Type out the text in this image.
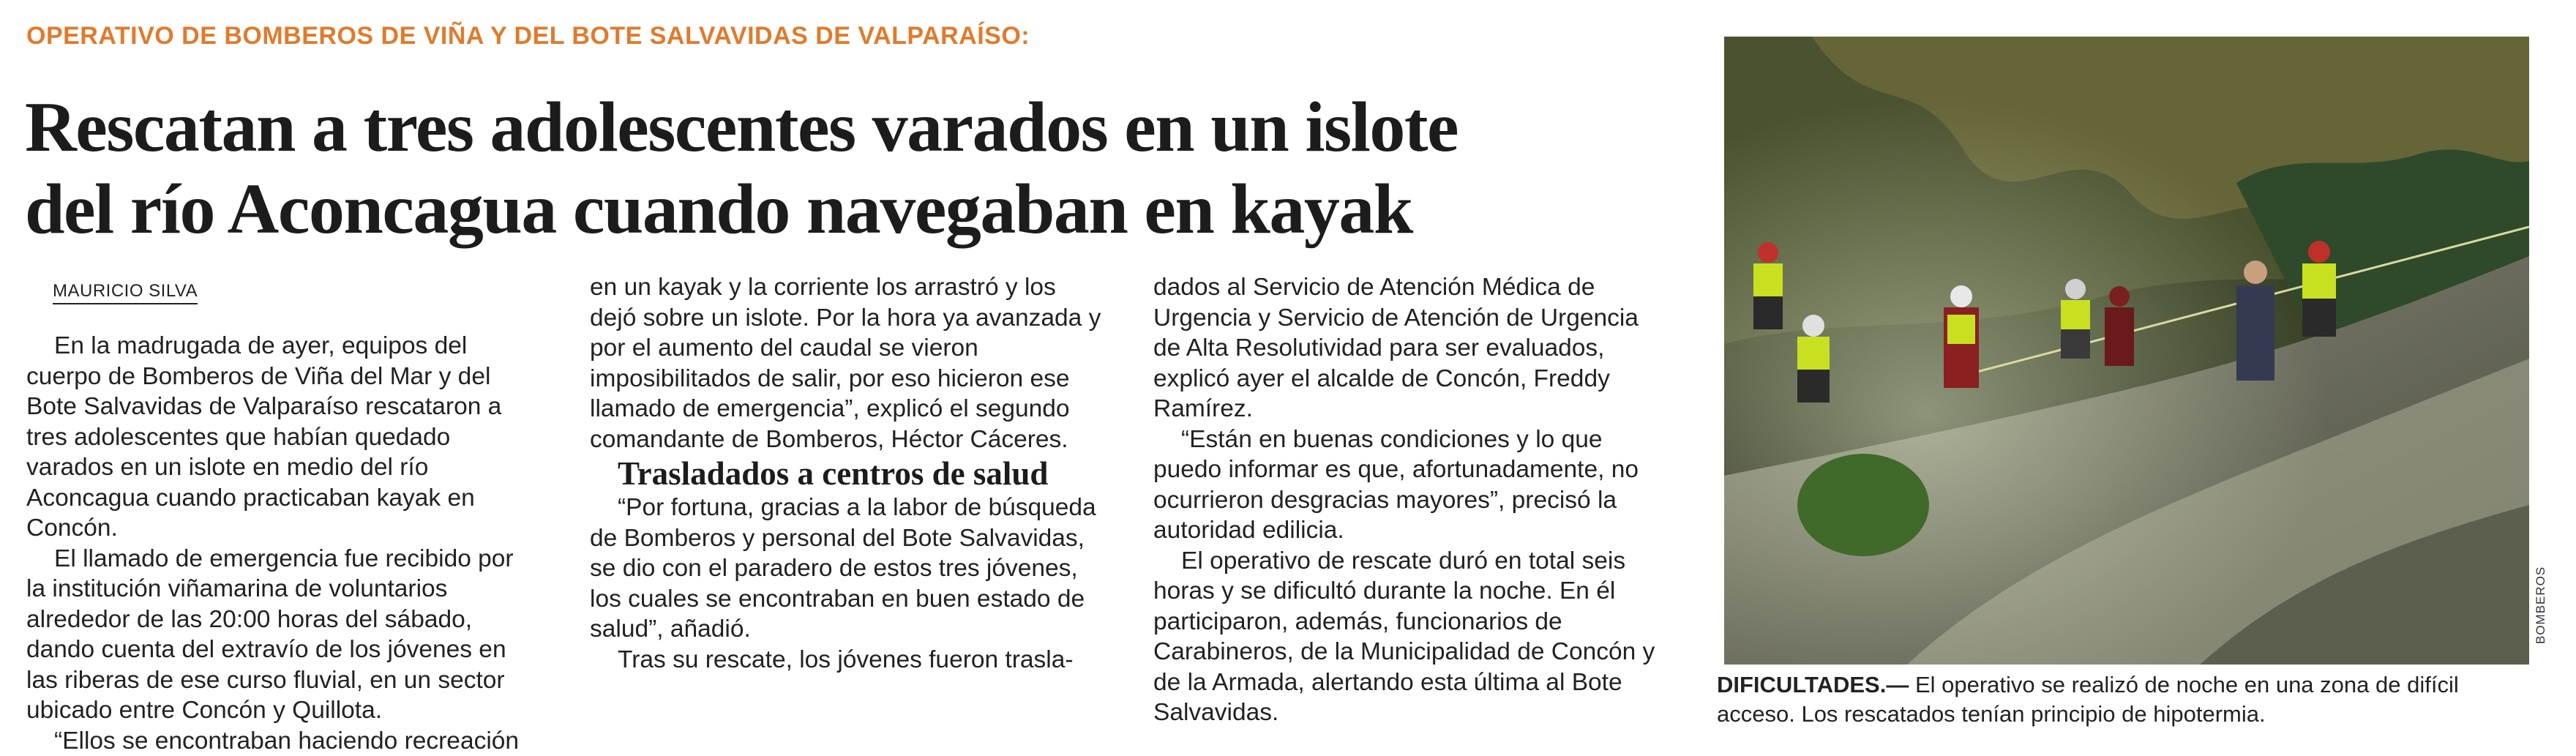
OPERATIVO DE BOMBEROS DE VIÑA Y DEL BOTE SALVAVIDAS DE VALPARAÍSO:
Rescatan a tres adolescentes varados en un islote
del río Aconcagua cuando navegaban en kayak
MAURICIO SILVA

En la madrugada de ayer, equipos del cuerpo de Bomberos de Viña del Mar y del Bote Salvavidas de Valparaíso rescataron a tres adolescentes que habían quedado varados en un islote en medio del río Aconcagua cuando practicaban kayak en Concón.

El llamado de emergencia fue recibido por la institución viñamarina de voluntarios alrededor de las 20:00 horas del sábado, dando cuenta del extravío de los jóvenes en las riberas de ese curso fluvial, en un sector ubicado entre Concón y Quillota.

“Ellos se encontraban haciendo recreación

en un kayak y la corriente los arrastró y los dejó sobre un islote. Por la hora ya avanzada y por el aumento del caudal se vieron imposibilitados de salir, por eso hicieron ese llamado de emergencia”, explicó el segundo comandante de Bomberos, Héctor Cáceres.

Trasladados a centros de salud

“Por fortuna, gracias a la labor de búsqueda de Bomberos y personal del Bote Salvavidas, se dio con el paradero de estos tres jóvenes, los cuales se encontraban en buen estado de salud”, añadió.

Tras su rescate, los jóvenes fueron trasla-

dados al Servicio de Atención Médica de Urgencia y Servicio de Atención de Urgencia de Alta Resolutividad para ser evaluados, explicó ayer el alcalde de Concón, Freddy Ramírez.

“Están en buenas condiciones y lo que puedo informar es que, afortunadamente, no ocurrieron desgracias mayores”, precisó la autoridad edilicia.

El operativo de rescate duró en total seis horas y se dificultó durante la noche. En él participaron, además, funcionarios de Carabineros, de la Municipalidad de Concón y de la Armada, alertando esta última al Bote Salvavidas.

BOMBEROS
DIFICULTADES.— El operativo se realizó de noche en una zona de difícil acceso. Los rescatados tenían principio de hipotermia.
